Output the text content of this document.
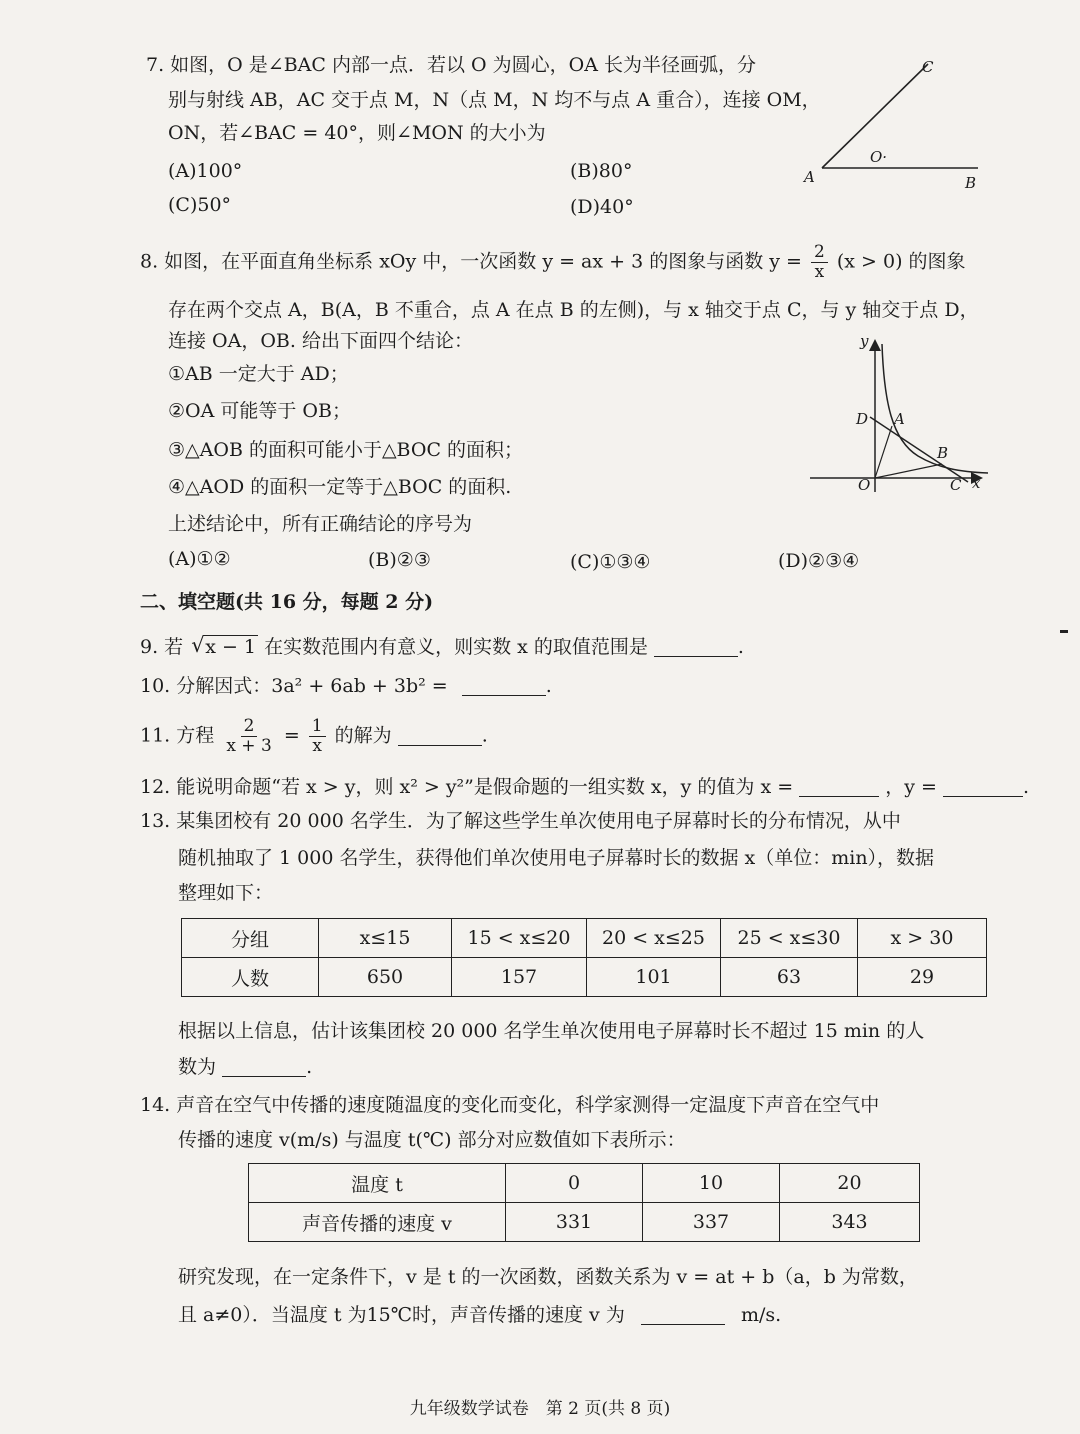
7. 如图，O 是∠BAC 内部一点．若以 O 为圆心，OA 长为半径画弧，分
别与射线 AB，AC 交于点 M，N（点 M，N 均不与点 A 重合），连接 OM，
ON，若∠BAC = 40°，则∠MON 的大小为
(A)100°	(B)80°
(C)50°	(D)40°
C
O·
A	B
8. 如图，在平面直角坐标系 xOy 中，一次函数 y = ax + 3 的图象与函数 $y = \frac{2}{x} (x > 0)$ 的图象
存在两个交点 A，B(A，B 不重合，点 A 在点 B 的左侧)，与 x 轴交于点 C，与 y 轴交于点 D，
连接 OA，OB. 给出下面四个结论：
①AB 一定大于 AD；
②OA 可能等于 OB；
③△AOB 的面积可能小于△BOC 的面积；
④△AOD 的面积一定等于△BOC 的面积.
上述结论中，所有正确结论的序号为
(A)①②	(B)②③	(C)①③④	(D)②③④
y
x
D A
B
O	C
二、填空题(共 16 分，每题 2 分)
9. 若 √ x − 1 在实数范围内有意义，则实数 x 的取值范围是	.
10. 分解因式：3a² + 6ab + 3b² =	.
11. 方程 $\frac{2}{x + 3} = \frac{1}{x}$ 的解为	.
12. 能说明命题“若 x > y，则 x² > y²”是假命题的一组实数 x，y 的值为 x =	，y =	.
13. 某集团校有 20 000 名学生．为了解这些学生单次使用电子屏幕时长的分布情况，从中
随机抽取了 1 000 名学生，获得他们单次使用电子屏幕时长的数据 x（单位：min），数据
整理如下：
分组	x≤15	15 < x≤20	20 < x≤25	25 < x≤30	x > 30
人数	650	157	101	63	29
根据以上信息，估计该集团校 20 000 名学生单次使用电子屏幕时长不超过 15 min 的人
数为	.
14. 声音在空气中传播的速度随温度的变化而变化，科学家测得一定温度下声音在空气中
传播的速度 v(m/s) 与温度 t(℃) 部分对应数值如下表所示：
温度 t	0	10	20
声音传播的速度 v	331	337	343
研究发现，在一定条件下，v 是 t 的一次函数，函数关系为 v = at + b（a，b 为常数，
且 a≠0）．当温度 t 为15℃时，声音传播的速度 v 为	m/s.
九年级数学试卷　第 2 页(共 8 页)
